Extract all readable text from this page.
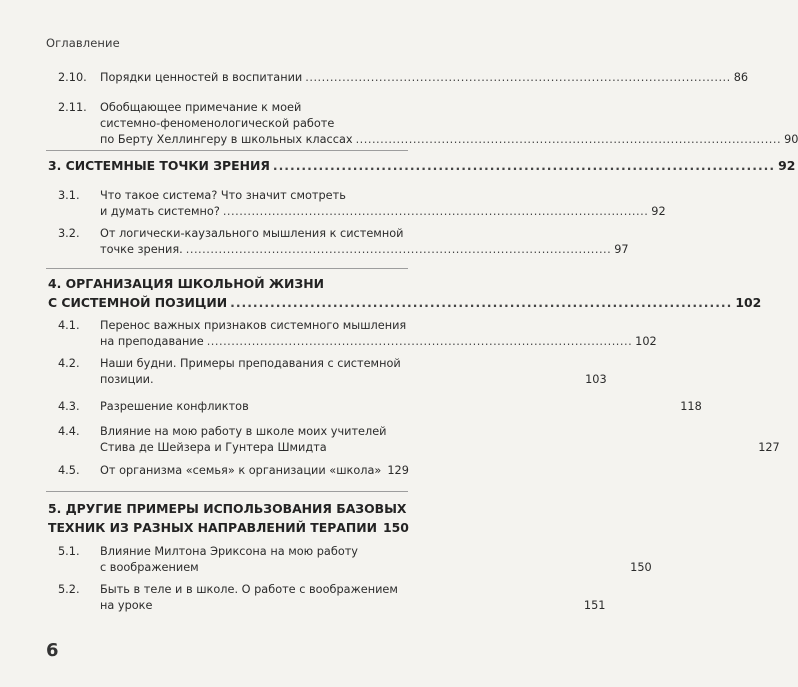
Оглавление
2.10. Порядки ценностей в воспитании ........................................................................................................ 86
2.11. Обобщающее примечание к моей
системно-феноменологической работе
по Берту Хеллингеру в школьных классах ........................................................................................................ 90
3. СИСТЕМНЫЕ ТОЧКИ ЗРЕНИЯ ........................................................................................ 92
3.1. Что такое система? Что значит смотреть
и думать системно? ........................................................................................................ 92
3.2. От логически-каузального мышления к системной
точке зрения. ........................................................................................................ 97
4. ОРГАНИЗАЦИЯ ШКОЛЬНОЙ ЖИЗНИ
С СИСТЕМНОЙ ПОЗИЦИИ ........................................................................................ 102
4.1. Перенос важных признаков системного мышления
на преподавание ........................................................................................................ 102
4.2. Наши будни. Примеры преподавания с системной
позиции.	103
4.3. Разрешение конфликтов	118
4.4. Влияние на мою работу в школе моих учителей
Стива де Шейзера и Гунтера Шмидта	127
4.5. От организма «семья» к организации «школа» 129
5. ДРУГИЕ ПРИМЕРЫ ИСПОЛЬЗОВАНИЯ БАЗОВЫХ
ТЕХНИК ИЗ РАЗНЫХ НАПРАВЛЕНИЙ ТЕРАПИИ 150
5.1. Влияние Милтона Эриксона на мою работу
с воображением	150
5.2. Быть в теле и в школе. О работе с воображением
на уроке	151
6
